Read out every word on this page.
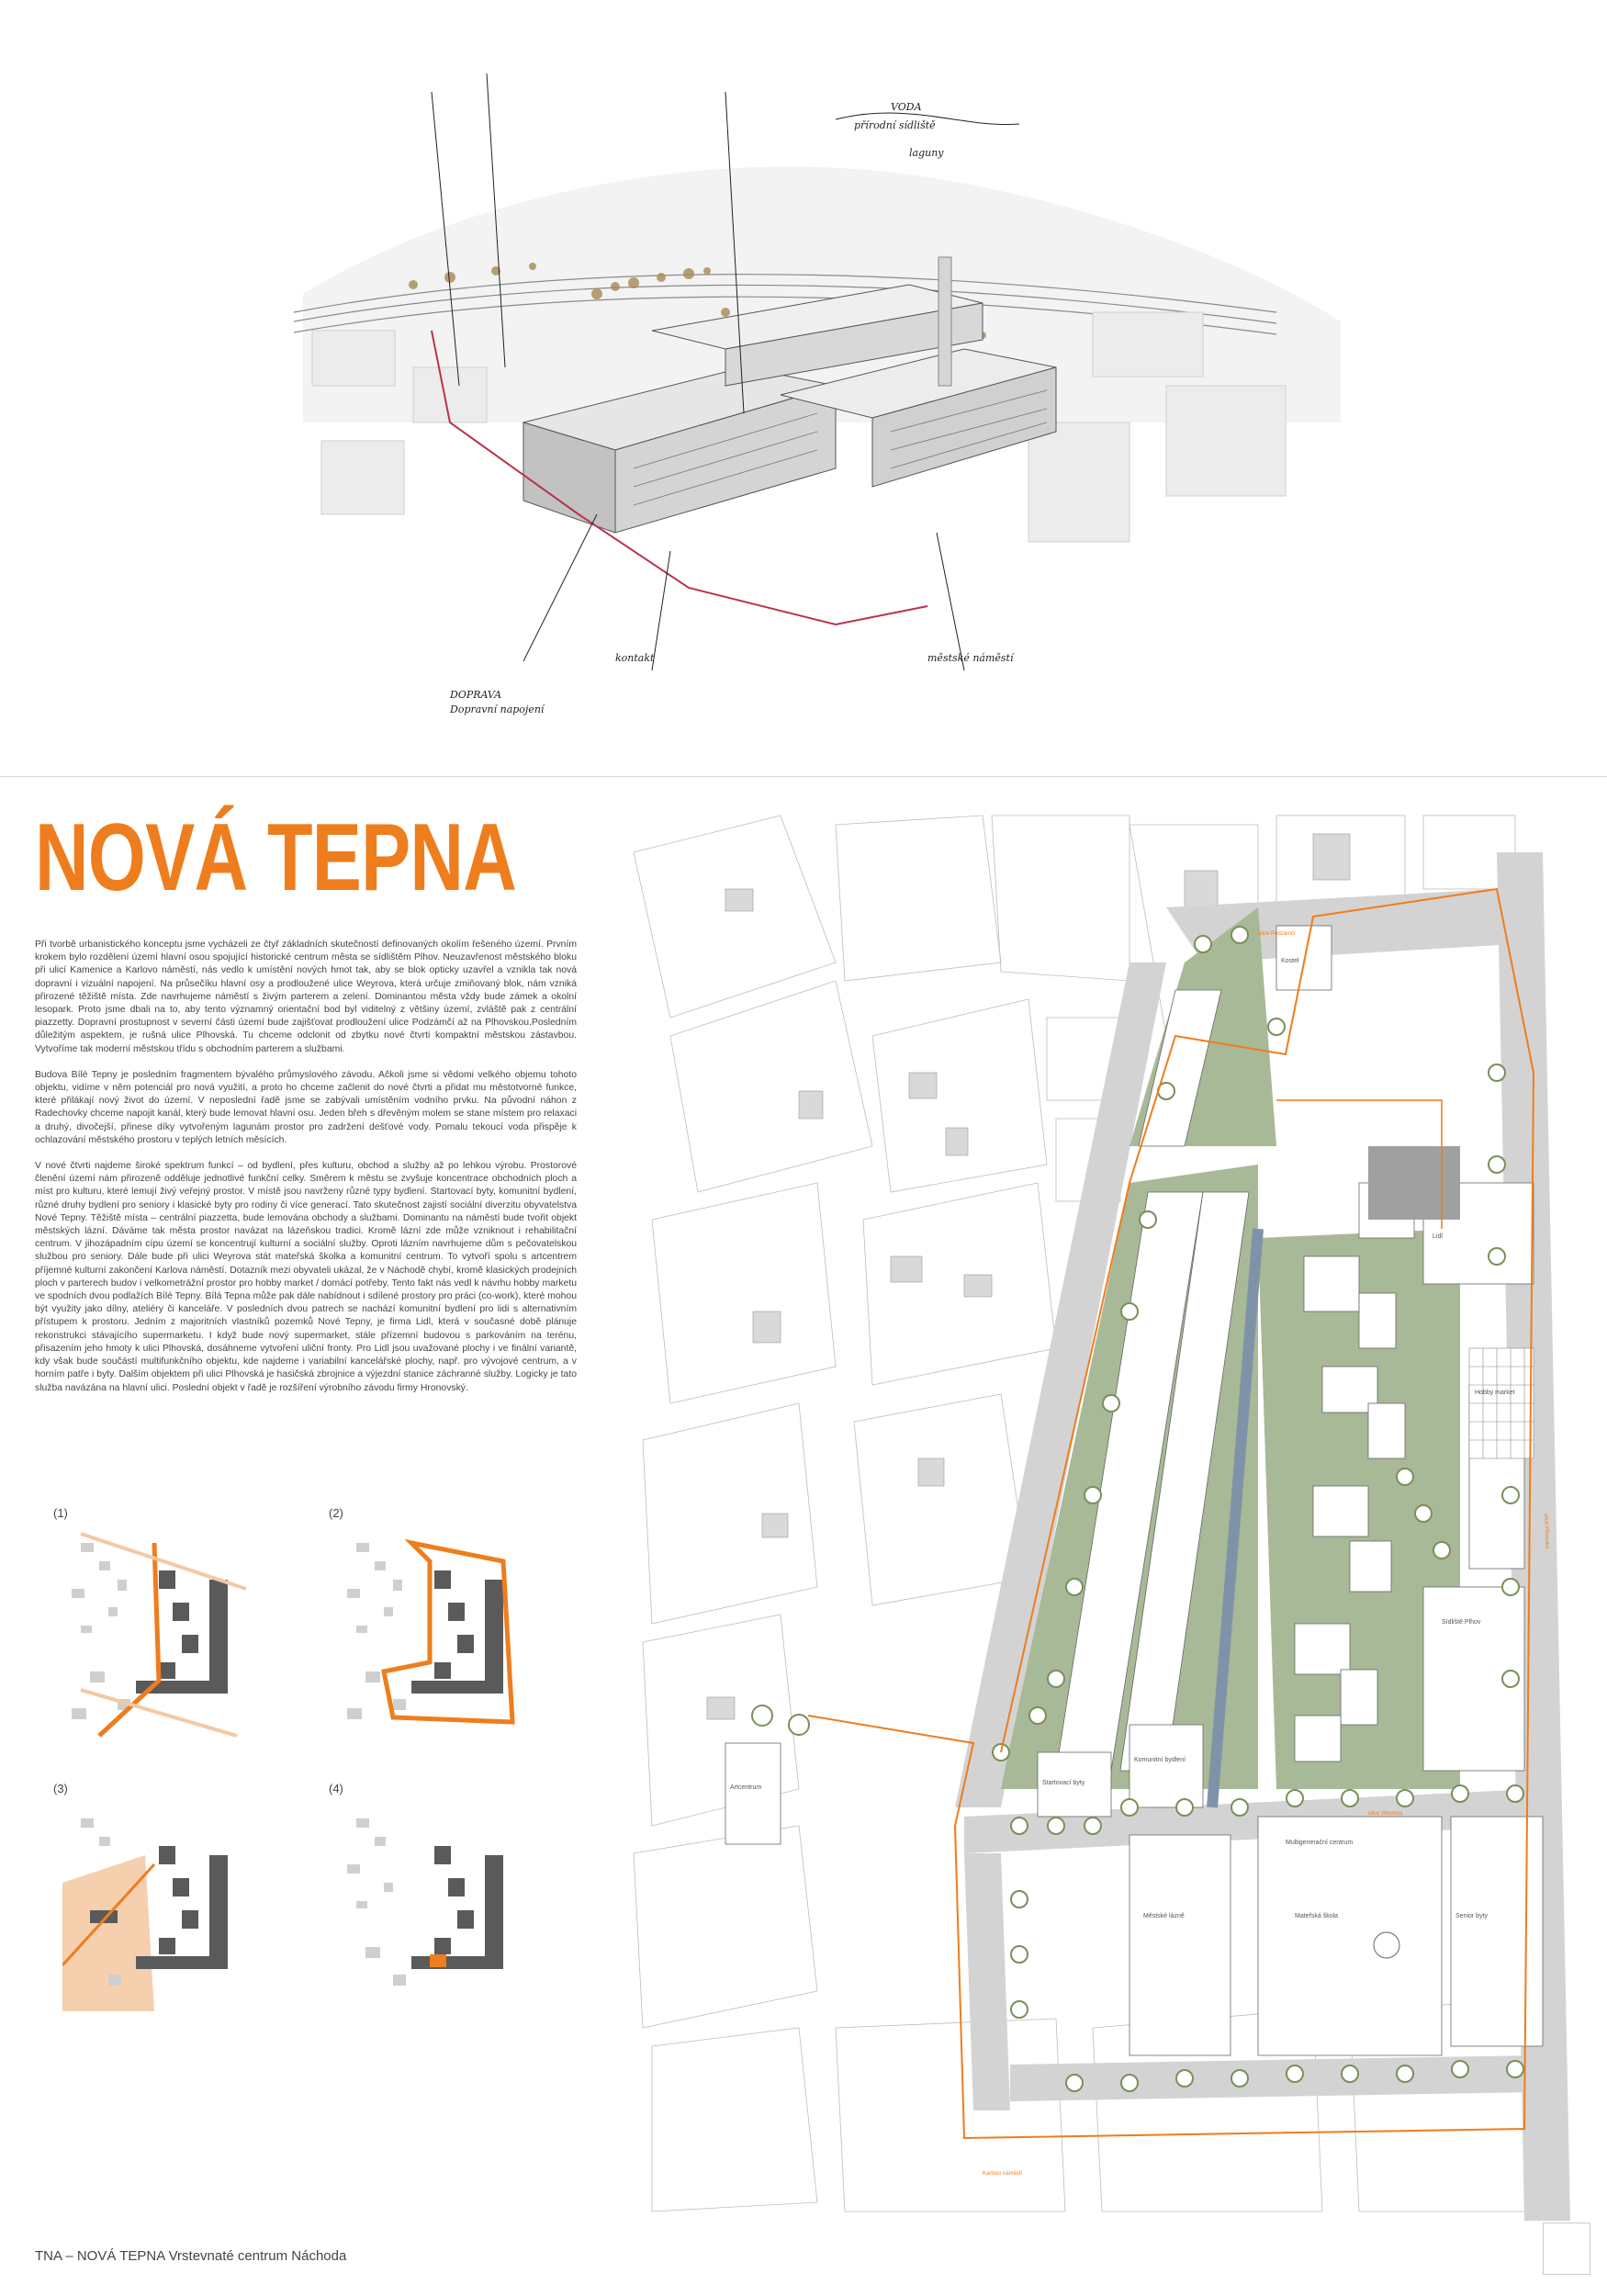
VODA
přírodní sídliště
laguny
kontakt
DOPRAVA
Dopravní napojení
městské náměstí
NOVÁ TEPNA

Při tvorbě urbanistického konceptu jsme vycházeli ze čtyř základních skutečností definovaných okolím řešeného území. Prvním krokem bylo rozdělení území hlavní osou spojující historické centrum města se sídlištěm Plhov. Neuzavřenost městského bloku při ulicí Kamenice a Karlovo náměstí, nás vedlo k umístění nových hmot tak, aby se blok opticky uzavřel a vznikla tak nová dopravní i vizuální napojení. Na průsečíku hlavní osy a prodloužené ulice Weyrova, která určuje zmiňovaný blok, nám vzniká přirozené těžiště místa. Zde navrhujeme náměstí s živým parterem a zelení. Dominantou města vždy bude zámek a okolní lesopark. Proto jsme dbali na to, aby tento významný orientační bod byl viditelný z většiny území, zvláště pak z centrální piazzetty. Dopravní prostupnost v severní části území bude zajišťovat prodloužení ulice Podzámčí až na Plhovskou.Posledním důležitým aspektem, je rušná ulice Plhovská. Tu chceme odclonit od zbytku nové čtvrti kompaktní městskou zástavbou. Vytvoříme tak moderní městskou třídu s obchodním parterem a službami.

Budova Bílé Tepny je posledním fragmentem bývalého průmyslového závodu. Ačkoli jsme si vědomi velkého objemu tohoto objektu, vidíme v něm potenciál pro nová využití, a proto ho chceme začlenit do nové čtvrti a přidat mu městotvorné funkce, které přilákají nový život do území. V neposlední řadě jsme se zabývali umístěním vodního prvku. Na původní náhon z Radechovky chceme napojit kanál, který bude lemovat hlavní osu. Jeden břeh s dřevěným molem se stane místem pro relaxaci a druhý, divočejší, přinese díky vytvořeným lagunám prostor pro zadržení dešťové vody. Pomalu tekoucí voda přispěje k ochlazování městského prostoru v teplých letních měsících.

V nové čtvrti najdeme široké spektrum funkcí – od bydlení, přes kulturu, obchod a služby až po lehkou výrobu. Prostorové členění území nám přirozeně odděluje jednotlivé funkční celky. Směrem k městu se zvyšuje koncentrace obchodních ploch a míst pro kulturu, které lemují živý veřejný prostor. V místě jsou navrženy různé typy bydlení. Startovací byty, komunitní bydlení, různé druhy bydlení pro seniory i klasické byty pro rodiny či více generací. Tato skutečnost zajistí sociální diverzitu obyvatelstva Nové Tepny. Těžiště místa – centrální piazzetta, bude lemována obchody a službami. Dominantu na náměstí bude tvořit objekt městských lázní. Dáváme tak města prostor navázat na lázeňskou tradici. Kromě lázní zde může vzniknout i rehabilitační centrum. V jihozápadním cípu území se koncentrují kulturní a sociální služby. Oproti lázním navrhujeme dům s pečovatelskou službou pro seniory. Dále bude při ulici Weyrova stát mateřská školka a komunitní centrum. To vytvoří spolu s artcentrem příjemné kulturní zakončení Karlova náměstí. Dotazník mezi obyvateli ukázal, že v Náchodě chybí, kromě klasických prodejních ploch v parterech budov i velkometrážní prostor pro hobby market / domácí potřeby. Tento fakt nás vedl k návrhu hobby marketu ve spodních dvou podlažích Bílé Tepny. Bílá Tepna může pak dále nabídnout i sdílené prostory pro práci (co-work), které mohou být využity jako dílny, ateliéry či kanceláře. V posledních dvou patrech se nachází komunitní bydlení pro lidi s alternativním přístupem k prostoru. Jedním z majoritních vlastníků pozemků Nové Tepny, je firma Lidl, která v současné době plánuje rekonstrukci stávajícího supermarketu. I když bude nový supermarket, stále přízemní budovou s parkováním na terénu, přisazením jeho hmoty k ulici Plhovská, dosáhneme vytvoření uliční fronty. Pro Lidl jsou uvažované plochy i ve finální variantě, kdy však bude součástí multifunkčního objektu, kde najdeme i variabilní kancelářské plochy, např. pro vývojové centrum, a v horním patře i byty. Dalším objektem při ulici Plhovská je hasičská zbrojnice a výjezdní stanice záchranné služby. Logicky je tato služba navázána na hlavní ulici. Poslední objekt v řadě je rozšíření výrobního závodu firmy Hronovský.

(1)	(2)
(3)	(4)
Hobby market
Lidl
Sídliště Plhov
Městské lázně
Multigenerační centrum
Mateřská škola
Artcentrum
Startovací byty
Komunitní bydlení
Senior byty
Kostel
ulice Plhovská
ulice Weyrova
Karlovo náměstí
ulice Podzámčí
TNA – NOVÁ TEPNA Vrstevnaté centrum Náchoda
